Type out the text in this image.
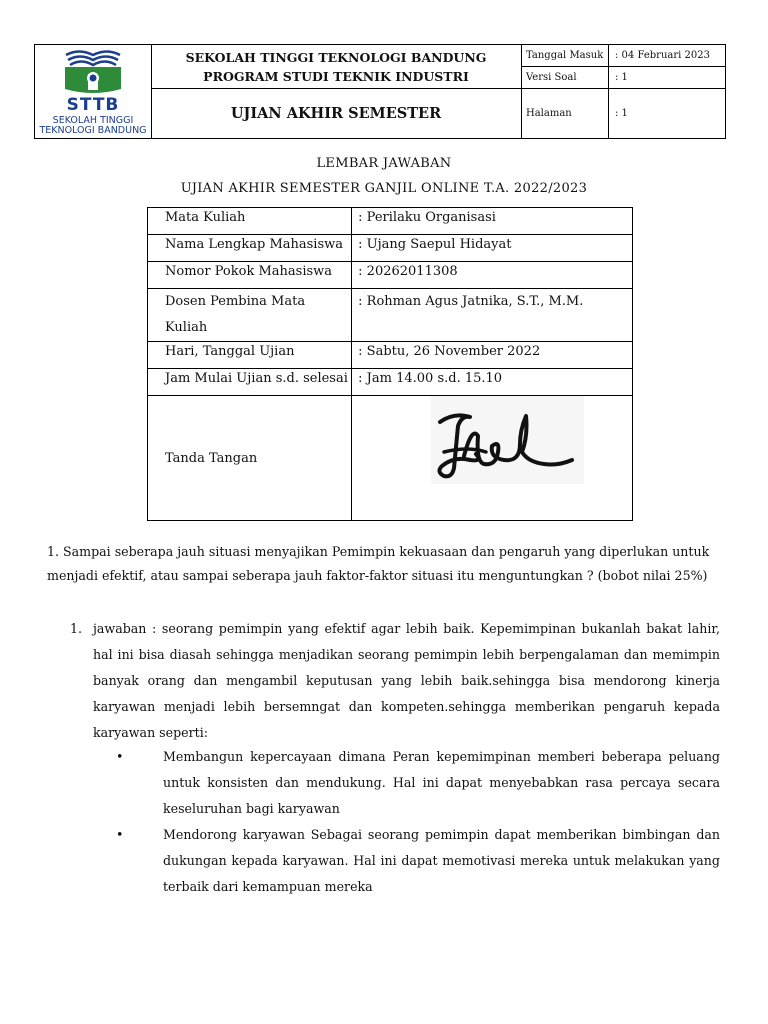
STTB
SEKOLAH TINGGI
TEKNOLOGI BANDUNG
SEKOLAH TINGGI TEKNOLOGI BANDUNG
PROGRAM STUDI TEKNIK INDUSTRI
UJIAN AKHIR SEMESTER
Tanggal Masuk	: 04 Februari 2023
Versi Soal	: 1
Halaman	: 1
LEMBAR JAWABAN
UJIAN AKHIR SEMESTER GANJIL ONLINE T.A. 2022/2023
Mata Kuliah	: Perilaku Organisasi
Nama Lengkap Mahasiswa	: Ujang Saepul Hidayat
Nomor Pokok Mahasiswa	: 20262011308
Dosen Pembina Mata Kuliah	: Rohman Agus Jatnika, S.T., M.M.
Hari, Tanggal Ujian	: Sabtu, 26 November 2022
Jam Mulai Ujian s.d. selesai	: Jam 14.00 s.d. 15.10
Tanda Tangan	
1. Sampai seberapa jauh situasi menyajikan Pemimpin kekuasaan dan pengaruh yang diperlukan untuk menjadi efektif, atau sampai seberapa jauh faktor-faktor situasi itu menguntungkan ? (bobot nilai 25%)
1. jawaban : seorang pemimpin yang efektif agar lebih baik. Kepemimpinan bukanlah bakat lahir, hal ini bisa diasah sehingga menjadikan seorang pemimpin lebih berpengalaman dan memimpin banyak orang dan mengambil keputusan yang lebih baik.sehingga bisa mendorong kinerja karyawan menjadi lebih bersemngat dan kompeten.sehingga memberikan pengaruh kepada karyawan seperti:
•	Membangun kepercayaan dimana Peran kepemimpinan memberi beberapa peluang untuk konsisten dan mendukung. Hal ini dapat menyebabkan rasa percaya secara keseluruhan bagi karyawan
•	Mendorong karyawan Sebagai seorang pemimpin dapat memberikan bimbingan dan dukungan kepada karyawan. Hal ini dapat memotivasi mereka untuk melakukan yang terbaik dari kemampuan mereka
